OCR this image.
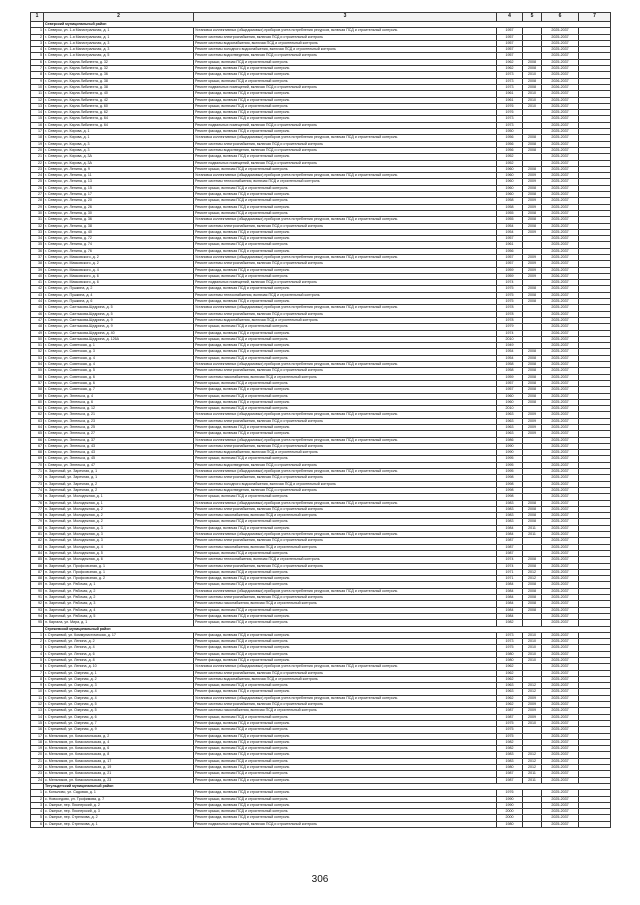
1	2	3	4	5	6	7
	Северский муниципальный район					
1	г. Северск, ул. 1-я Магистральная, д. 1	Установка коллективных (общедомовых) приборов учета потребления ресурсов, включая ПСД и строительный контроль	1957		2025-2037	
2	г. Северск, ул. 1-я Магистральная, д. 1	Ремонт системы электроснабжения, включая ПСД и строительный контроль	1957		2025-2037	
3	г. Северск, ул. 1-я Магистральная, д. 3	Ремонт системы водоснабжения, включая ПСД и строительный контроль	1957		2025-2037	
4	г. Северск, ул. 1-я Магистральная, д. 3	Ремонт системы холодного водоснабжения, включая ПСД и строительный контроль	1957		2025-2037	
5	г. Северск, ул. 1-я Магистральная, д. 5	Ремонт системы водоотведения, включая ПСД и строительный контроль	1957		2025-2037	
6	г. Северск, ул. Карла Либкнехта, д. 32	Ремонт крыши, включая ПСД и строительный контроль	1962	2008	2025-2037	
7	г. Северск, ул. Карла Либкнехта, д. 32	Ремонт фасада, включая ПСД и строительный контроль	1962	2008	2025-2037	
8	г. Северск, ул. Карла Либкнехта, д. 36	Ремонт фасада, включая ПСД и строительный контроль	1973	2010	2025-2037	
9	г. Северск, ул. Карла Либкнехта, д. 38	Ремонт крыши, включая ПСД и строительный контроль	1973	2008	2026-2037	
10	г. Северск, ул. Карла Либкнехта, д. 38	Ремонт подвальных помещений, включая ПСД и строительный контроль	1973	2008	2026-2037	
11	г. Северск, ул. Карла Либкнехта, д. 40	Ремонт фасада, включая ПСД и строительный контроль	1961	2010	2025-2037	
12	г. Северск, ул. Карла Либкнехта, д. 42	Ремонт фасада, включая ПСД и строительный контроль	1961	2010	2025-2037	
13	г. Северск, ул. Карла Либкнехта, д. 60	Ремонт крыши, включая ПСД и строительный контроль	1976	2010	2025-2037	
14	г. Северск, ул. Карла Либкнехта, д. 62	Ремонт фасада, включая ПСД и строительный контроль	1976		2025-2037	
15	г. Северск, ул. Карла Либкнехта, д. 64	Ремонт фасада, включая ПСД и строительный контроль	1973		2025-2037	
16	г. Северск, ул. Карла Либкнехта, д. 64	Ремонт подвальных помещений, включая ПСД и строительный контроль	1973		2025-2037	
17	г. Северск, ул. Кирова, д. 1	Ремонт фасада, включая ПСД и строительный контроль	1950		2025-2037	
18	г. Северск, ул. Кирова, д. 1	Установка коллективных (общедомовых) приборов учета потребления ресурсов, включая ПСД и строительный контроль	1956	2008	2025-2037	
19	г. Северск, ул. Кирова, д. 3	Ремонт системы электроснабжения, включая ПСД и строительный контроль	1956	2008	2025-2037	
20	г. Северск, ул. Кирова, д. 3	Ремонт системы водоотведения, включая ПСД и строительный контроль	1956	2008	2025-2037	
21	г. Северск, ул. Кирова, д. 3А	Ремонт фасада, включая ПСД и строительный контроль	1952		2025-2037	
22	г. Северск, ул. Кирова, д. 3А	Ремонт подвальных помещений, включая ПСД и строительный контроль	1952		2025-2037	
23	г. Северск, ул. Ленина, д. 9	Ремонт крыши, включая ПСД и строительный контроль	1960	2008	2025-2037	
24	г. Северск, ул. Ленина, д. 11	Установка коллективных (общедомовых) приборов учета потребления ресурсов, включая ПСД и строительный контроль	1960	2009	2025-2037	
25	г. Северск, ул. Ленина, д. 13	Ремонт системы теплоснабжения, включая ПСД и строительный контроль	1960	2009	2025-2037	
26	г. Северск, ул. Ленина, д. 15	Ремонт крыши, включая ПСД и строительный контроль	1960	2008	2025-2037	
27	г. Северск, ул. Ленина, д. 17	Ремонт фасада, включая ПСД и строительный контроль	1960	2008	2025-2037	
28	г. Северск, ул. Ленина, д. 20	Ремонт крыши, включая ПСД и строительный контроль	1958	2009	2025-2037	
29	г. Северск, ул. Ленина, д. 26	Ремонт фасада, включая ПСД и строительный контроль	1958	2009	2025-2037	
30	г. Северск, ул. Ленина, д. 30	Ремонт крыши, включая ПСД и строительный контроль	1955	2008	2025-2037	
31	г. Северск, ул. Ленина, д. 36	Установка коллективных (общедомовых) приборов учета потребления ресурсов, включая ПСД и строительный контроль	1955	2008	2025-2037	
32	г. Северск, ул. Ленина, д. 38	Ремонт системы электроснабжения, включая ПСД и строительный контроль	1954	2008	2025-2037	
33	г. Северск, ул. Ленина, д. 40	Ремонт фасада, включая ПСД и строительный контроль	1954	2009	2025-2037	
34	г. Северск, ул. Ленина, д. 72	Ремонт фасада, включая ПСД и строительный контроль	1957		2025-2037	
35	г. Северск, ул. Ленина, д. 74	Ремонт крыши, включая ПСД и строительный контроль	1961		2025-2037	
36	г. Северск, ул. Ленина, д. 76	Ремонт фасада, включая ПСД и строительный контроль	1956		2025-2037	
37	г. Северск, ул. Маяковского, д. 2	Установка коллективных (общедомовых) приборов учета потребления ресурсов, включая ПСД и строительный контроль	1957	2009	2025-2037	
38	г. Северск, ул. Маяковского, д. 2	Ремонт системы электроснабжения, включая ПСД и строительный контроль	1957	2009	2025-2037	
39	г. Северск, ул. Маяковского, д. 4	Ремонт фасада, включая ПСД и строительный контроль	1959	2009	2025-2037	
40	г. Северск, ул. Маяковского, д. 6	Ремонт крыши, включая ПСД и строительный контроль	1959	2009	2026-2037	
41	г. Северск, ул. Маяковского, д. 6	Ремонт подвальных помещений, включая ПСД и строительный контроль	1974		2025-2037	
42	г. Северск, ул. Пушкина, д. 2	Ремонт фасада, включая ПСД и строительный контроль	1975	2008	2025-2037	
43	г. Северск, ул. Пушкина, д. 4	Ремонт системы теплоснабжения, включая ПСД и строительный контроль	1975	2008	2025-2037	
44	г. Северск, ул. Пушкина, д. 6	Ремонт фасада, включая ПСД и строительный контроль	1975	2008	2025-2037	
45	г. Северск, ул. Салтыкова-Щедрина, д. 5	Установка коллективных (общедомовых) приборов учета потребления ресурсов, включая ПСД и строительный контроль	1978		2025-2037	
46	г. Северск, ул. Салтыкова-Щедрина, д. 5	Ремонт системы электроснабжения, включая ПСД и строительный контроль	1978		2025-2037	
47	г. Северск, ул. Салтыкова-Щедрина, д. 9	Ремонт системы водоснабжения, включая ПСД и строительный контроль	1978		2025-2037	
48	г. Северск, ул. Салтыкова-Щедрина, д. 9	Ремонт крыши, включая ПСД и строительный контроль	1979		2025-2037	
49	г. Северск, ул. Салтыкова-Щедрина, д. 40	Ремонт фасада, включая ПСД и строительный контроль	1974		2026-2037	
50	г. Северск, ул. Салтыкова-Щедрина, д. 126А	Ремонт крыши, включая ПСД и строительный контроль	2010		2025-2037	
51	г. Северск, ул. Советская, д. 1	Ремонт фасада, включая ПСД и строительный контроль	1949		2025-2037	
52	г. Северск, ул. Советская, д. 3	Ремонт фасада, включая ПСД и строительный контроль	1954	2008	2025-2037	
53	г. Северск, ул. Советская, д. 4	Ремонт крыши, включая ПСД и строительный контроль	1954	2008	2025-2037	
54	г. Северск, ул. Советская, д. 4	Установка коллективных (общедомовых) приборов учета потребления ресурсов, включая ПСД и строительный контроль	1958	2008	2025-2037	
55	г. Северск, ул. Советская, д. 5	Ремонт системы электроснабжения, включая ПСД и строительный контроль	1958	2008	2025-2037	
56	г. Северск, ул. Советская, д. 6	Ремонт системы газоснабжения, включая ПСД и строительный контроль	1959	2008	2025-2037	
57	г. Северск, ул. Советская, д. 6	Ремонт крыши, включая ПСД и строительный контроль	1957	2008	2025-2037	
58	г. Северск, ул. Советская, д. 7	Ремонт фасада, включая ПСД и строительный контроль	1957	2008	2025-2037	
59	г. Северск, ул. Энгельса, д. 4	Ремонт крыши, включая ПСД и строительный контроль	1960	2008	2025-2037	
60	г. Северск, ул. Энгельса, д. 6	Ремонт фасада, включая ПСД и строительный контроль	1960	2008	2025-2037	
61	г. Северск, ул. Энгельса, д. 12	Ремонт крыши, включая ПСД и строительный контроль	2010		2025-2037	
62	г. Северск, ул. Энгельса, д. 21	Установка коллективных (общедомовых) приборов учета потребления ресурсов, включая ПСД и строительный контроль	1963	2009	2025-2037	
63	г. Северск, ул. Энгельса, д. 23	Ремонт системы электроснабжения, включая ПСД и строительный контроль	1963	2009	2025-2037	
64	г. Северск, ул. Энгельса, д. 25	Ремонт фасада, включая ПСД и строительный контроль	1963	2009	2025-2037	
65	г. Северск, ул. Энгельса, д. 27	Ремонт фасада, включая ПСД и строительный контроль	1963	2009	2025-2037	
66	г. Северск, ул. Энгельса, д. 37	Установка коллективных (общедомовых) приборов учета потребления ресурсов, включая ПСД и строительный контроль	1986		2025-2037	
67	г. Северск, ул. Энгельса, д. 43	Ремонт системы электроснабжения, включая ПСД и строительный контроль	1990		2025-2037	
68	г. Северск, ул. Энгельса, д. 43	Ремонт системы водоснабжения, включая ПСД и строительный контроль	1990		2025-2037	
69	г. Северск, ул. Энгельса, д. 45	Ремонт крыши, включая ПСД и строительный контроль	1995		2025-2037	
70	г. Северск, ул. Энгельса, д. 47	Ремонт системы водоотведения, включая ПСД и строительный контроль	1995		2025-2037	
71	п. Заречный, ул. Заречная, д. 1	Установка коллективных (общедомовых) приборов учета потребления ресурсов, включая ПСД и строительный контроль	1995		2025-2037	
72	п. Заречный, ул. Заречная, д. 1	Ремонт системы электроснабжения, включая ПСД и строительный контроль	1998		2025-2037	
73	п. Заречный, ул. Заречная, д. 2	Ремонт системы холодного водоснабжения, включая ПСД и строительный контроль	1998		2025-2037	
74	п. Заречный, ул. Заречная, д. 2	Ремонт системы водоотведения, включая ПСД и строительный контроль	1998		2025-2037	
75	п. Заречный, ул. Молодежная, д. 1	Ремонт крыши, включая ПСД и строительный контроль	1998		2025-2037	
76	п. Заречный, ул. Молодежная, д. 1	Установка коллективных (общедомовых) приборов учета потребления ресурсов, включая ПСД и строительный контроль	1983	2008	2025-2037	
77	п. Заречный, ул. Молодежная, д. 2	Ремонт системы электроснабжения, включая ПСД и строительный контроль	1983	2008	2025-2037	
78	п. Заречный, ул. Молодежная, д. 2	Ремонт системы газоснабжения, включая ПСД и строительный контроль	1983	2008	2025-2037	
79	п. Заречный, ул. Молодежная, д. 2	Ремонт крыши, включая ПСД и строительный контроль	1983	2008	2025-2037	
80	п. Заречный, ул. Молодежная, д. 3	Ремонт фасада, включая ПСД и строительный контроль	1984	2011	2025-2037	
81	п. Заречный, ул. Молодежная, д. 3	Установка коллективных (общедомовых) приборов учета потребления ресурсов, включая ПСД и строительный контроль	1984	2011	2025-2037	
82	п. Заречный, ул. Молодежная, д. 3	Ремонт системы электроснабжения, включая ПСД и строительный контроль	1987		2025-2037	
83	п. Заречный, ул. Молодежная, д. 4	Ремонт системы газоснабжения, включая ПСД и строительный контроль	1987		2025-2037	
84	п. Заречный, ул. Молодежная, д. 5	Ремонт крыши, включая ПСД и строительный контроль	1987		2025-2037	
85	п. Заречный, ул. Молодежная, д. 6	Ремонт системы теплоснабжения, включая ПСД и строительный контроль	1974	2008	2025-2037	
86	п. Заречный, ул. Профсоюзная, д. 1	Ремонт системы электроснабжения, включая ПСД и строительный контроль	1974	2008	2025-2037	
87	п. Заречный, ул. Профсоюзная, д. 1	Ремонт крыши, включая ПСД и строительный контроль	1971	2012	2025-2037	
88	п. Заречный, ул. Профсоюзная, д. 2	Ремонт фасада, включая ПСД и строительный контроль	1971	2012	2025-2037	
89	п. Заречный, ул. Рабочая, д. 1	Ремонт крыши, включая ПСД и строительный контроль	1984	2008	2025-2037	
90	п. Заречный, ул. Рабочая, д. 2	Установка коллективных (общедомовых) приборов учета потребления ресурсов, включая ПСД и строительный контроль	1984	2008	2025-2037	
91	п. Заречный, ул. Рабочая, д. 2	Ремонт системы электроснабжения, включая ПСД и строительный контроль	1984	2008	2025-2037	
92	п. Заречный, ул. Рабочая, д. 3	Ремонт системы газоснабжения, включая ПСД и строительный контроль	1984	2008	2025-2037	
93	п. Заречный, ул. Рабочая, д. 4	Ремонт крыши, включая ПСД и строительный контроль	1984	2008	2025-2037	
94	п. Заречный, ул. Рабочая, д. 5	Ремонт фасада, включая ПСД и строительный контроль	1984		2025-2037	
95	п. Каргала, ул. Мира, д. 1	Ремонт крыши, включая ПСД и строительный контроль	1982		2025-2037	
	Стрежевской муниципальный район					
1	г. Стрежевой, ул. Коммунистическая, д. 17	Ремонт фасада, включая ПСД и строительный контроль	1973	2010	2025-2037	
2	г. Стрежевой, ул. Ленина, д. 2	Ремонт крыши, включая ПСД и строительный контроль	1973	2010	2025-2037	
3	г. Стрежевой, ул. Ленина, д. 4	Ремонт фасада, включая ПСД и строительный контроль	1975	2010	2025-2037	
4	г. Стрежевой, ул. Ленина, д. 6	Ремонт крыши, включая ПСД и строительный контроль	1980	2010	2025-2037	
5	г. Стрежевой, ул. Ленина, д. 8	Ремонт фасада, включая ПСД и строительный контроль	1980	2010	2025-2037	
6	г. Стрежевой, ул. Ленина, д. 10	Установка коллективных (общедомовых) приборов учета потребления ресурсов, включая ПСД и строительный контроль	1962		2025-2037	
7	г. Стрежевой, ул. Озерная, д. 1	Ремонт системы электроснабжения, включая ПСД и строительный контроль	1962		2025-2037	
8	г. Стрежевой, ул. Озерная, д. 2	Ремонт системы водоснабжения, включая ПСД и строительный контроль	1962		2025-2037	
9	г. Стрежевой, ул. Озерная, д. 3	Ремонт крыши, включая ПСД и строительный контроль	1963	2012	2025-2037	
10	г. Стрежевой, ул. Озерная, д. 4	Ремонт фасада, включая ПСД и строительный контроль	1963	2012	2025-2037	
11	г. Стрежевой, ул. Озерная, д. 4	Установка коллективных (общедомовых) приборов учета потребления ресурсов, включая ПСД и строительный контроль	1962	2009	2025-2037	
12	г. Стрежевой, ул. Озерная, д. 5	Ремонт системы электроснабжения, включая ПСД и строительный контроль	1962	2009	2025-2037	
13	г. Стрежевой, ул. Озерная, д. 5	Ремонт системы газоснабжения, включая ПСД и строительный контроль	1987	2009	2025-2037	
14	г. Стрежевой, ул. Озерная, д. 6	Ремонт крыши, включая ПСД и строительный контроль	1987	2009	2025-2037	
15	г. Стрежевой, ул. Озерная, д. 7	Ремонт фасада, включая ПСД и строительный контроль	1975	2010	2025-2037	
16	г. Стрежевой, ул. Озерная, д. 9	Ремонт крыши, включая ПСД и строительный контроль	1975		2025-2037	
17	с. Мельников, ул. Комсомольская, д. 2	Ремонт фасада, включая ПСД и строительный контроль	1975		2025-2037	
18	с. Мельников, ул. Комсомольская, д. 4	Ремонт фасада, включая ПСД и строительный контроль	1982		2025-2037	
19	с. Мельников, ул. Комсомольская, д. 6	Ремонт крыши, включая ПСД и строительный контроль	1982		2025-2037	
20	с. Мельников, ул. Комсомольская, д. 8	Ремонт фасада, включая ПСД и строительный контроль	1983	2012	2025-2037	
21	с. Мельников, ул. Комсомольская, д. 17	Ремонт крыши, включая ПСД и строительный контроль	1983	2012	2025-2037	
22	с. Мельников, ул. Комсомольская, д. 19	Ремонт фасада, включая ПСД и строительный контроль	1980	2012	2025-2037	
23	с. Мельников, ул. Комсомольская, д. 21	Ремонт крыши, включая ПСД и строительный контроль	1987	2011	2025-2037	
24	с. Мельников, ул. Комсомольская, д. 23	Ремонт фасада, включая ПСД и строительный контроль	1987	2011	2025-2037	
	Тегульдетский муниципальный район					
1	с. Копылово, ул. Садовая, д. 1	Ремонт фасада, включая ПСД и строительный контроль	1976		2025-2037	
2	с. Новоседово, ул. Трофимова, д. 7	Ремонт крыши, включая ПСД и строительный контроль	1990		2025-2037	
3	с. Ожерье, пер. Пионерский, д. 2	Ремонт фасада, включая ПСД и строительный контроль	1990		2025-2037	
4	с. Ожерье, пер. Пионерский, д. 3	Ремонт крыши, включая ПСД и строительный контроль	2000		2025-2037	
5	с. Ожерье, пер. Стрелкова, д. 2	Ремонт фасада, включая ПСД и строительный контроль	2000		2025-2037	
6	с. Ожерье, пер. Стрелкова, д. 1	Ремонт подвальных помещений, включая ПСД и строительный контроль	1980		2025-2037	
306
